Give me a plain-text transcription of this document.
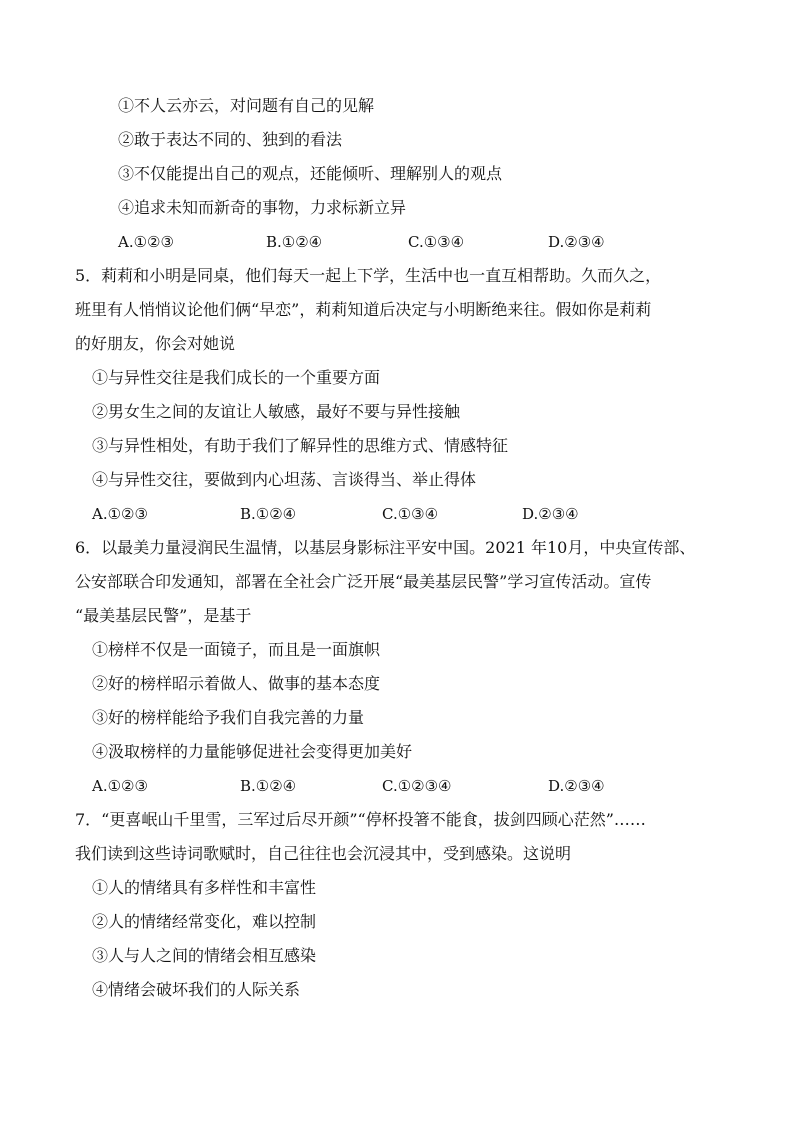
①不人云亦云，对问题有自己的见解
②敢于表达不同的、独到的看法
③不仅能提出自己的观点，还能倾听、理解别人的观点
④追求未知而新奇的事物，力求标新立异
A.①②③	B.①②④	C.①③④	D.②③④
5．莉莉和小明是同桌，他们每天一起上下学，生活中也一直互相帮助。久而久之，
班里有人悄悄议论他们俩“早恋”，莉莉知道后决定与小明断绝来往。假如你是莉莉
的好朋友，你会对她说
①与异性交往是我们成长的一个重要方面
②男女生之间的友谊让人敏感，最好不要与异性接触
③与异性相处，有助于我们了解异性的思维方式、情感特征
④与异性交往，要做到内心坦荡、言谈得当、举止得体
A.①②③	B.①②④	C.①③④	D.②③④
6．以最美力量浸润民生温情，以基层身影标注平安中国。2021 年10月，中央宣传部、
公安部联合印发通知，部署在全社会广泛开展“最美基层民警”学习宣传活动。宣传
“最美基层民警”，是基于
①榜样不仅是一面镜子，而且是一面旗帜
②好的榜样昭示着做人、做事的基本态度
③好的榜样能给予我们自我完善的力量
④汲取榜样的力量能够促进社会变得更加美好
A.①②③	B.①②④	C.①②③④	D.②③④
7．“更喜岷山千里雪，三军过后尽开颜”“停杯投箸不能食，拔剑四顾心茫然”……
我们读到这些诗词歌赋时，自己往往也会沉浸其中，受到感染。这说明
①人的情绪具有多样性和丰富性
②人的情绪经常变化，难以控制
③人与人之间的情绪会相互感染
④情绪会破坏我们的人际关系
